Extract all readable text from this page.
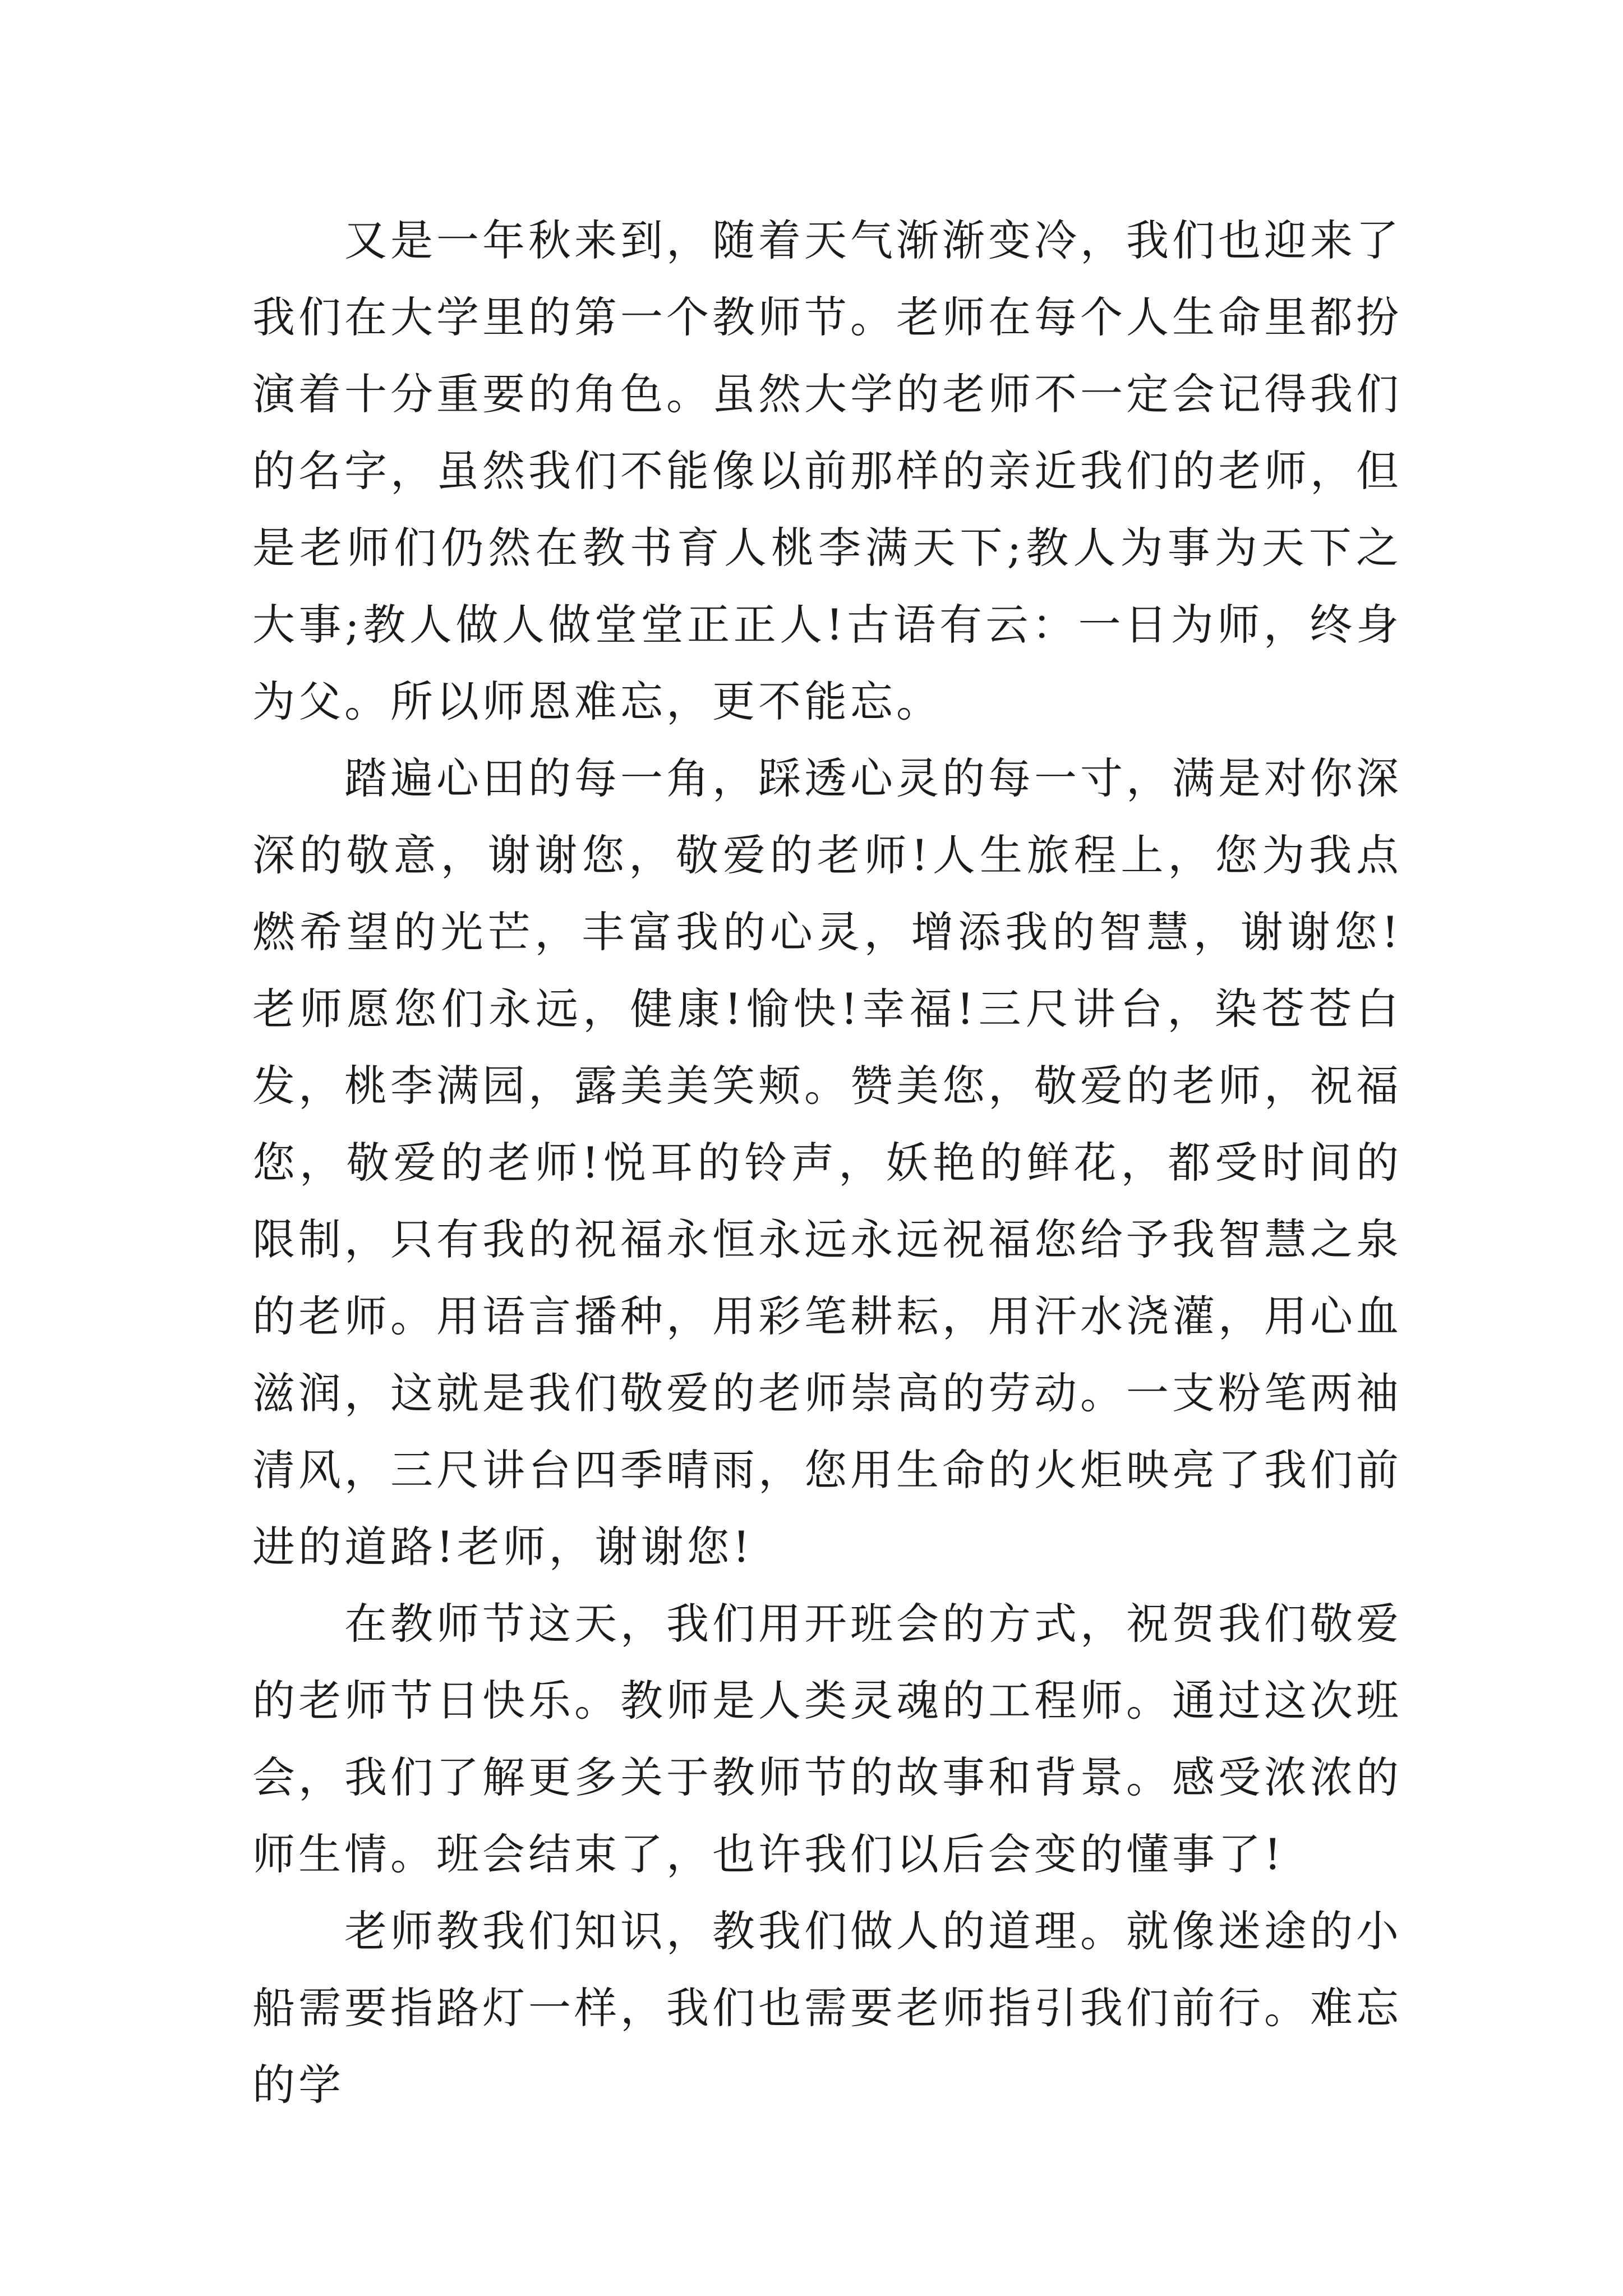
又是一年秋来到，随着天气渐渐变冷，我们也迎来了我们在大学里的第一个教师节。老师在每个人生命里都扮演着十分重要的角色。虽然大学的老师不一定会记得我们的名字，虽然我们不能像以前那样的亲近我们的老师，但是老师们仍然在教书育人桃李满天下;教人为事为天下之大事;教人做人做堂堂正正人!古语有云：一日为师，终身为父。所以师恩难忘，更不能忘。

踏遍心田的每一角，踩透心灵的每一寸，满是对你深深的敬意，谢谢您，敬爱的老师!人生旅程上，您为我点燃希望的光芒，丰富我的心灵，增添我的智慧，谢谢您!老师愿您们永远，健康!愉快!幸福!三尺讲台，染苍苍白发，桃李满园，露美美笑颊。赞美您，敬爱的老师，祝福您，敬爱的老师!悦耳的铃声，妖艳的鲜花，都受时间的限制，只有我的祝福永恒永远永远祝福您给予我智慧之泉的老师。用语言播种，用彩笔耕耘，用汗水浇灌，用心血滋润，这就是我们敬爱的老师崇高的劳动。一支粉笔两袖清风，三尺讲台四季晴雨，您用生命的火炬映亮了我们前进的道路!老师，谢谢您!

在教师节这天，我们用开班会的方式，祝贺我们敬爱的老师节日快乐。教师是人类灵魂的工程师。通过这次班会，我们了解更多关于教师节的故事和背景。感受浓浓的师生情。班会结束了，也许我们以后会变的懂事了!

老师教我们知识，教我们做人的道理。就像迷途的小船需要指路灯一样，我们也需要老师指引我们前行。难忘的学
